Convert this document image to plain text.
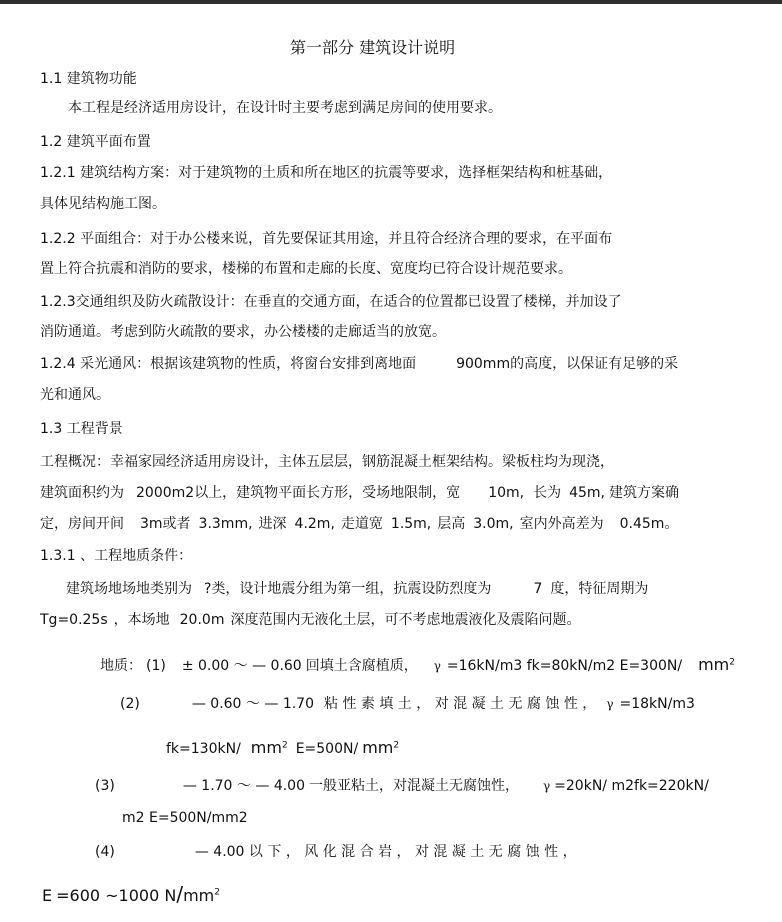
第一部分 建筑设计说明
1.1 建筑物功能
本工程是经济适用房设计，在设计时主要考虑到满足房间的使用要求。
1.2 建筑平面布置
1.2.1 建筑结构方案：对于建筑物的土质和所在地区的抗震等要求，选择框架结构和桩基础，
具体见结构施工图。
1.2.2 平面组合：对于办公楼来说，首先要保证其用途，并且符合经济合理的要求，在平面布
置上符合抗震和消防的要求，楼梯的布置和走廊的长度、宽度均已符合设计规范要求。
1.2.3交通组织及防火疏散设计：在垂直的交通方面，在适合的位置都已设置了楼梯，并加设了
消防通道。考虑到防火疏散的要求，办公楼楼的走廊适当的放宽。
1.2.4 采光通风：根据该建筑物的性质，将窗台安排到离地面	900mm的高度，以保证有足够的采
光和通风。
1.3 工程背景
工程概况：幸福家园经济适用房设计，主体五层层，钢筋混凝土框架结构。梁板柱均为现浇，
建筑面积约为 2000m2以上，建筑物平面长方形，受场地限制，宽 10m, 长为 45m, 建筑方案确
定，房间开间 3m或者 3.3mm, 进深 4.2m, 走道宽 1.5m, 层高 3.0m, 室内外高差为 0.45m。
1.3.1 、工程地质条件：
建筑场地场地类别为 ?类，设计地震分组为第一组，抗震设防烈度为	7 度，特征周期为
Tg=0.25s ，本场地 20.0m 深度范围内无液化土层，可不考虑地震液化及震陷问题。
地质： (1) ± 0.00 ～ — 0.60 回填土含腐植质， γ =16kN/m3 fk=80kN/m2 E=300N/ $mm^2$
(2)	— 0.60 ～ — 1.70 粘 性 素 填 土 ， 对 混 凝 土 无 腐 蚀 性 ， γ =18kN/m3
fk=130kN/ $mm^2$ E=500N/ $mm^2$
(3)	— 1.70 ～ — 4.00 一般亚粘土，对混凝土无腐蚀性， γ =20kN/ m2fk=220kN/
m2 E=500N/mm2
(4)	— 4.00 以 下 ， 风 化 混 合 岩 ， 对 混 凝 土 无 腐 蚀 性 ，
E =600 ~1000 $N/mm^2$
